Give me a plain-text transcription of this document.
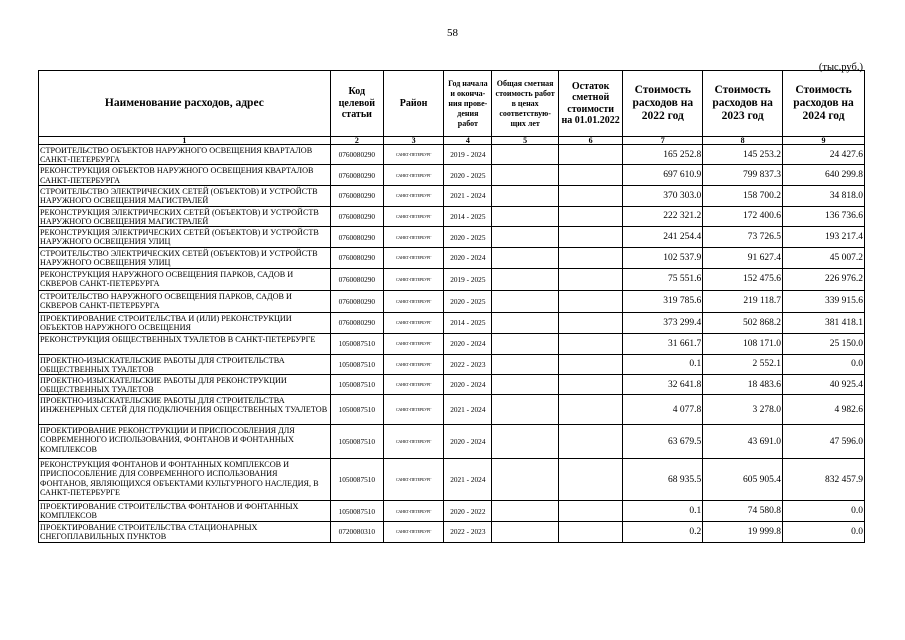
58
(тыс.руб.)
Наименование расходов, адрес	Код целевой статьи	Район	Год начала и оконча-ния прове-дения работ	Общая сметная стоимость работ в ценах соответствую-щих лет	Остаток сметной стоимости на 01.01.2022	Стоимость расходов на 2022 год	Стоимость расходов на 2023 год	Стоимость расходов на 2024 год
1	2	3	4	5	6	7	8	9
СТРОИТЕЛЬСТВО ОБЪЕКТОВ НАРУЖНОГО ОСВЕЩЕНИЯ КВАРТАЛОВ САНКТ-ПЕТЕРБУРГА	0760080290	САНКТ-ПЕТЕРБУРГ	2019 - 2024			165 252.8	145 253.2	24 427.6
РЕКОНСТРУКЦИЯ ОБЪЕКТОВ НАРУЖНОГО ОСВЕЩЕНИЯ КВАРТАЛОВ САНКТ-ПЕТЕРБУРГА	0760080290	САНКТ-ПЕТЕРБУРГ	2020 - 2025			697 610.9	799 837.3	640 299.8
СТРОИТЕЛЬСТВО ЭЛЕКТРИЧЕСКИХ СЕТЕЙ (ОБЪЕКТОВ) И УСТРОЙСТВ НАРУЖНОГО ОСВЕЩЕНИЯ МАГИСТРАЛЕЙ	0760080290	САНКТ-ПЕТЕРБУРГ	2021 - 2024			370 303.0	158 700.2	34 818.0
РЕКОНСТРУКЦИЯ ЭЛЕКТРИЧЕСКИХ СЕТЕЙ (ОБЪЕКТОВ) И УСТРОЙСТВ НАРУЖНОГО ОСВЕЩЕНИЯ МАГИСТРАЛЕЙ	0760080290	САНКТ-ПЕТЕРБУРГ	2014 - 2025			222 321.2	172 400.6	136 736.6
РЕКОНСТРУКЦИЯ ЭЛЕКТРИЧЕСКИХ СЕТЕЙ (ОБЪЕКТОВ) И УСТРОЙСТВ НАРУЖНОГО ОСВЕЩЕНИЯ УЛИЦ	0760080290	САНКТ-ПЕТЕРБУРГ	2020 - 2025			241 254.4	73 726.5	193 217.4
СТРОИТЕЛЬСТВО ЭЛЕКТРИЧЕСКИХ СЕТЕЙ (ОБЪЕКТОВ) И УСТРОЙСТВ НАРУЖНОГО ОСВЕЩЕНИЯ УЛИЦ	0760080290	САНКТ-ПЕТЕРБУРГ	2020 - 2024			102 537.9	91 627.4	45 007.2
РЕКОНСТРУКЦИЯ НАРУЖНОГО ОСВЕЩЕНИЯ ПАРКОВ, САДОВ И СКВЕРОВ САНКТ-ПЕТЕРБУРГА	0760080290	САНКТ-ПЕТЕРБУРГ	2019 - 2025			75 551.6	152 475.6	226 976.2
СТРОИТЕЛЬСТВО НАРУЖНОГО ОСВЕЩЕНИЯ ПАРКОВ, САДОВ И СКВЕРОВ САНКТ-ПЕТЕРБУРГА	0760080290	САНКТ-ПЕТЕРБУРГ	2020 - 2025			319 785.6	219 118.7	339 915.6
ПРОЕКТИРОВАНИЕ СТРОИТЕЛЬСТВА И (ИЛИ) РЕКОНСТРУКЦИИ ОБЪЕКТОВ НАРУЖНОГО ОСВЕЩЕНИЯ	0760080290	САНКТ-ПЕТЕРБУРГ	2014 - 2025			373 299.4	502 868.2	381 418.1
РЕКОНСТРУКЦИЯ ОБЩЕСТВЕННЫХ ТУАЛЕТОВ В САНКТ-ПЕТЕРБУРГЕ	1050087510	САНКТ-ПЕТЕРБУРГ	2020 - 2024			31 661.7	108 171.0	25 150.0
ПРОЕКТНО-ИЗЫСКАТЕЛЬСКИЕ РАБОТЫ ДЛЯ СТРОИТЕЛЬСТВА ОБЩЕСТВЕННЫХ ТУАЛЕТОВ	1050087510	САНКТ-ПЕТЕРБУРГ	2022 - 2023			0.1	2 552.1	0.0
ПРОЕКТНО-ИЗЫСКАТЕЛЬСКИЕ РАБОТЫ ДЛЯ РЕКОНСТРУКЦИИ ОБЩЕСТВЕННЫХ ТУАЛЕТОВ	1050087510	САНКТ-ПЕТЕРБУРГ	2020 - 2024			32 641.8	18 483.6	40 925.4
ПРОЕКТНО-ИЗЫСКАТЕЛЬСКИЕ РАБОТЫ ДЛЯ СТРОИТЕЛЬСТВА ИНЖЕНЕРНЫХ СЕТЕЙ ДЛЯ ПОДКЛЮЧЕНИЯ ОБЩЕСТВЕННЫХ ТУАЛЕТОВ	1050087510	САНКТ-ПЕТЕРБУРГ	2021 - 2024			4 077.8	3 278.0	4 982.6
ПРОЕКТИРОВАНИЕ РЕКОНСТРУКЦИИ И ПРИСПОСОБЛЕНИЯ ДЛЯ СОВРЕМЕННОГО ИСПОЛЬЗОВАНИЯ, ФОНТАНОВ И ФОНТАННЫХ КОМПЛЕКСОВ	1050087510	САНКТ-ПЕТЕРБУРГ	2020 - 2024			63 679.5	43 691.0	47 596.0
РЕКОНСТРУКЦИЯ ФОНТАНОВ И ФОНТАННЫХ КОМПЛЕКСОВ И ПРИСПОСОБЛЕНИЕ ДЛЯ СОВРЕМЕННОГО ИСПОЛЬЗОВАНИЯ ФОНТАНОВ, ЯВЛЯЮЩИХСЯ ОБЪЕКТАМИ КУЛЬТУРНОГО НАСЛЕДИЯ, В САНКТ-ПЕТЕРБУРГЕ	1050087510	САНКТ-ПЕТЕРБУРГ	2021 - 2024			68 935.5	605 905.4	832 457.9
ПРОЕКТИРОВАНИЕ СТРОИТЕЛЬСТВА ФОНТАНОВ И ФОНТАННЫХ КОМПЛЕКСОВ	1050087510	САНКТ-ПЕТЕРБУРГ	2020 - 2022			0.1	74 580.8	0.0
ПРОЕКТИРОВАНИЕ СТРОИТЕЛЬСТВА СТАЦИОНАРНЫХ СНЕГОПЛАВИЛЬНЫХ ПУНКТОВ	0720080310	САНКТ-ПЕТЕРБУРГ	2022 - 2023			0.2	19 999.8	0.0
